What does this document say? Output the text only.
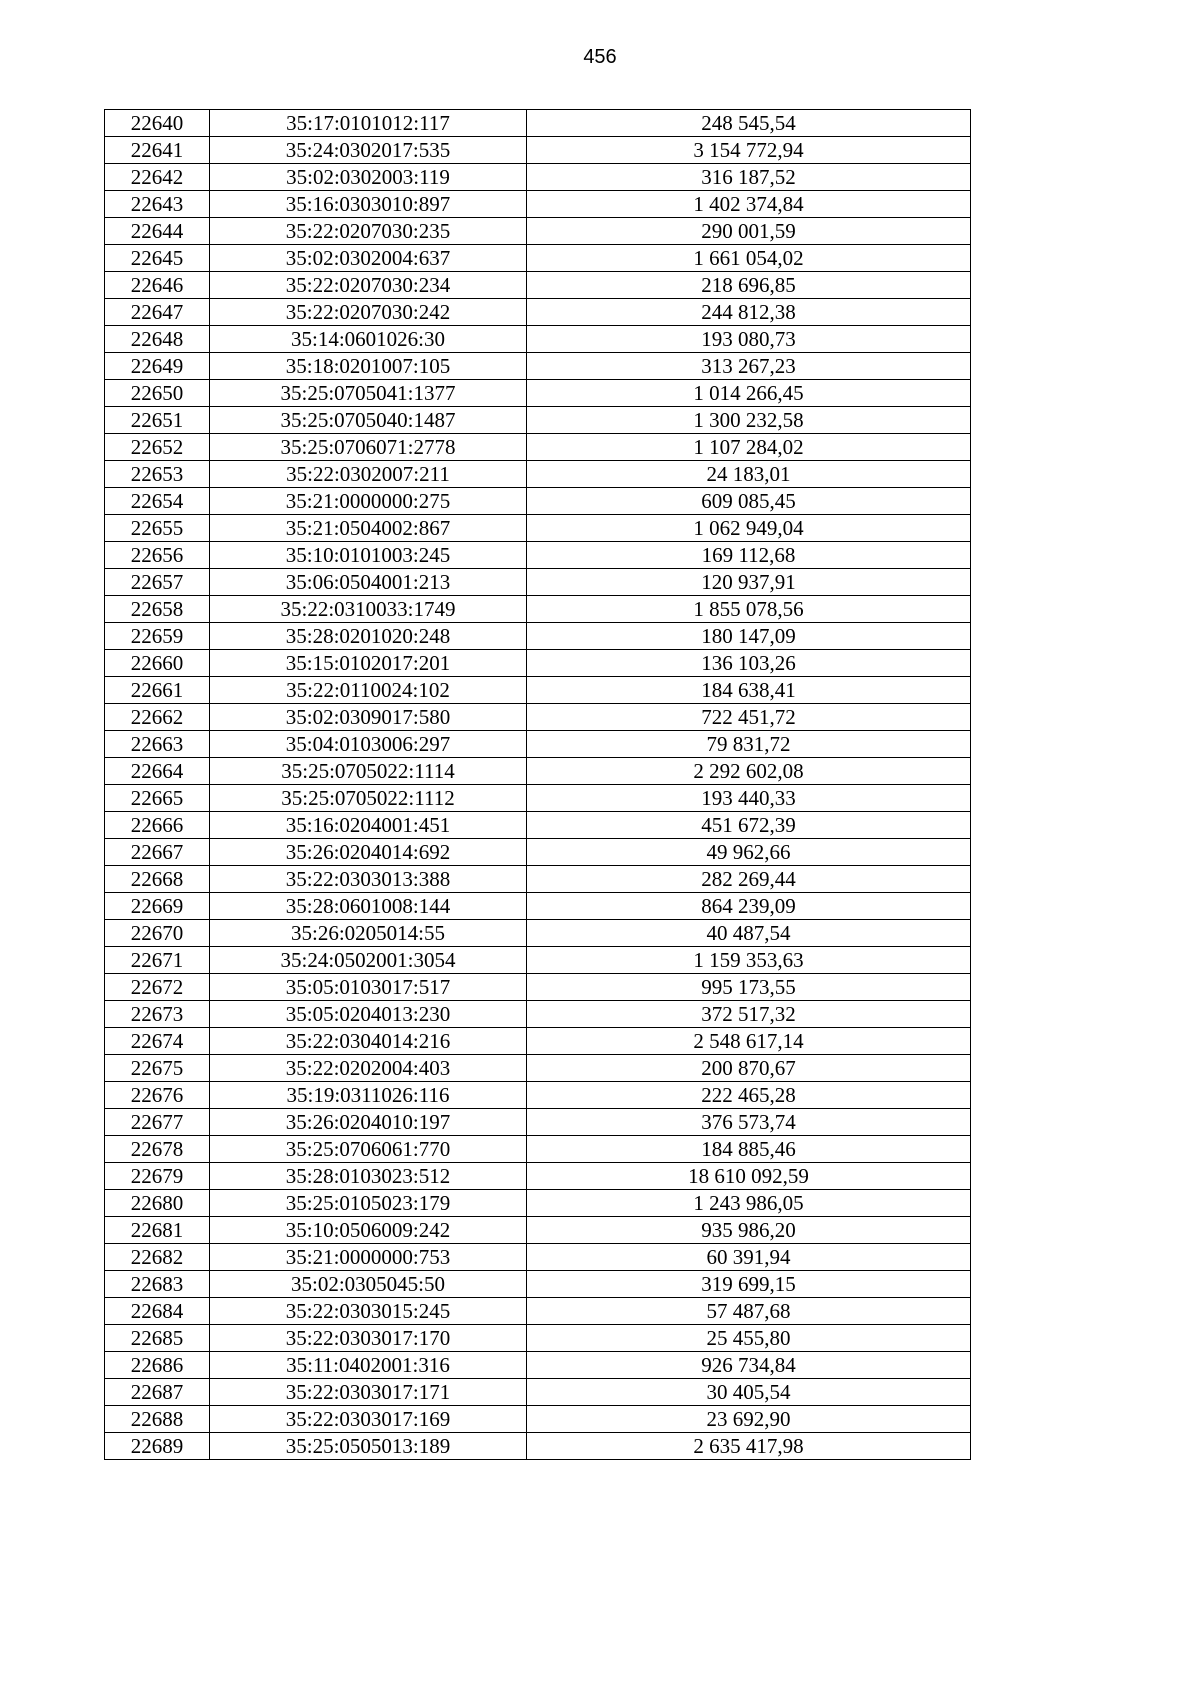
456
22640	35:17:0101012:117	248 545,54
22641	35:24:0302017:535	3 154 772,94
22642	35:02:0302003:119	316 187,52
22643	35:16:0303010:897	1 402 374,84
22644	35:22:0207030:235	290 001,59
22645	35:02:0302004:637	1 661 054,02
22646	35:22:0207030:234	218 696,85
22647	35:22:0207030:242	244 812,38
22648	35:14:0601026:30	193 080,73
22649	35:18:0201007:105	313 267,23
22650	35:25:0705041:1377	1 014 266,45
22651	35:25:0705040:1487	1 300 232,58
22652	35:25:0706071:2778	1 107 284,02
22653	35:22:0302007:211	24 183,01
22654	35:21:0000000:275	609 085,45
22655	35:21:0504002:867	1 062 949,04
22656	35:10:0101003:245	169 112,68
22657	35:06:0504001:213	120 937,91
22658	35:22:0310033:1749	1 855 078,56
22659	35:28:0201020:248	180 147,09
22660	35:15:0102017:201	136 103,26
22661	35:22:0110024:102	184 638,41
22662	35:02:0309017:580	722 451,72
22663	35:04:0103006:297	79 831,72
22664	35:25:0705022:1114	2 292 602,08
22665	35:25:0705022:1112	193 440,33
22666	35:16:0204001:451	451 672,39
22667	35:26:0204014:692	49 962,66
22668	35:22:0303013:388	282 269,44
22669	35:28:0601008:144	864 239,09
22670	35:26:0205014:55	40 487,54
22671	35:24:0502001:3054	1 159 353,63
22672	35:05:0103017:517	995 173,55
22673	35:05:0204013:230	372 517,32
22674	35:22:0304014:216	2 548 617,14
22675	35:22:0202004:403	200 870,67
22676	35:19:0311026:116	222 465,28
22677	35:26:0204010:197	376 573,74
22678	35:25:0706061:770	184 885,46
22679	35:28:0103023:512	18 610 092,59
22680	35:25:0105023:179	1 243 986,05
22681	35:10:0506009:242	935 986,20
22682	35:21:0000000:753	60 391,94
22683	35:02:0305045:50	319 699,15
22684	35:22:0303015:245	57 487,68
22685	35:22:0303017:170	25 455,80
22686	35:11:0402001:316	926 734,84
22687	35:22:0303017:171	30 405,54
22688	35:22:0303017:169	23 692,90
22689	35:25:0505013:189	2 635 417,98
